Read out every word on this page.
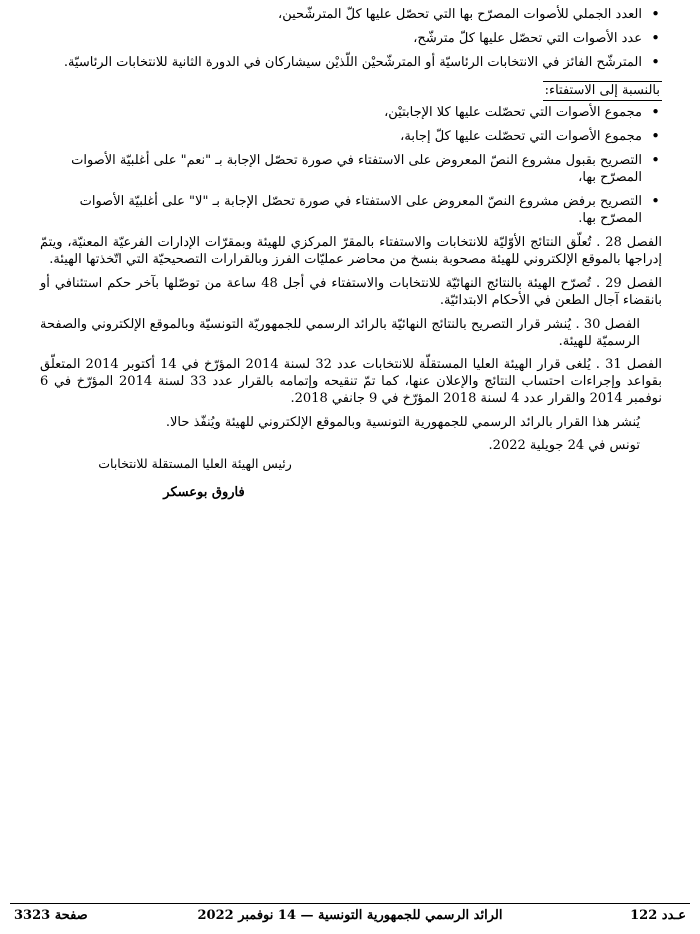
• العدد الجملي للأصوات المصرّح بها التي تحصّل عليها كلّ المترشّحين،
• عدد الأصوات التي تحصّل عليها كلّ مترشّح،
• المترشّح الفائز في الانتخابات الرئاسيّة أو المترشّحيْن اللّذيْن سيشاركان في الدورة الثانية للانتخابات الرئاسيّة.
بالنسبة إلى الاستفتاء:
• مجموع الأصوات التي تحصّلت عليها كلا الإجابتيْن،
• مجموع الأصوات التي تحصّلت عليها كلّ إجابة،
• التصريح بقبول مشروع النصّ المعروض على الاستفتاء في صورة تحصّل الإجابة بـ "نعم" على أغلبيّة الأصوات المصرّح بها،
• التصريح برفض مشروع النصّ المعروض على الاستفتاء في صورة تحصّل الإجابة بـ "لا" على أغلبيّة الأصوات المصرّح بها.

الفصل 28 . تُعلّق النتائج الأوّليّة للانتخابات والاستفتاء بالمقرّ المركزي للهيئة وبمقرّات الإدارات الفرعيّة المعنيّة، ويتمّ إدراجها بالموقع الإلكتروني للهيئة مصحوبة بنسخ من محاضر عمليّات الفرز وبالقرارات التصحيحيّة التي اتّخذتها الهيئة.

الفصل 29 . تُصرّح الهيئة بالنتائج النهائيّة للانتخابات والاستفتاء في أجل 48 ساعة من توصّلها بآخر حكم استئنافي أو بانقضاء آجال الطعن في الأحكام الابتدائيّة.

الفصل 30 . يُنشر قرار التصريح بالنتائج النهائيّة بالرائد الرسمي للجمهوريّة التونسيّة وبالموقع الإلكتروني والصفحة الرسميّة للهيئة.

الفصل 31 . يُلغى قرار الهيئة العليا المستقلّة للانتخابات عدد 32 لسنة 2014 المؤرّخ في 14 أكتوبر 2014 المتعلّق بقواعد وإجراءات احتساب النتائج والإعلان عنها، كما تمّ تنقيحه وإتمامه بالقرار عدد 33 لسنة 2014 المؤرّخ في 6 نوفمبر 2014 والقرار عدد 4 لسنة 2018 المؤرّخ في 9 جانفي 2018.

يُنشر هذا القرار بالرائد الرسمي للجمهورية التونسية وبالموقع الإلكتروني للهيئة ويُنفّذ حالا.

تونس في 24 جويلية 2022.

رئيس الهيئة العليا المستقلة للانتخابات

فاروق بوعسكر

عـدد 122
الرائد الرسمي للجمهورية التونسية — 14 نوفمبر 2022
صفحة 3323
